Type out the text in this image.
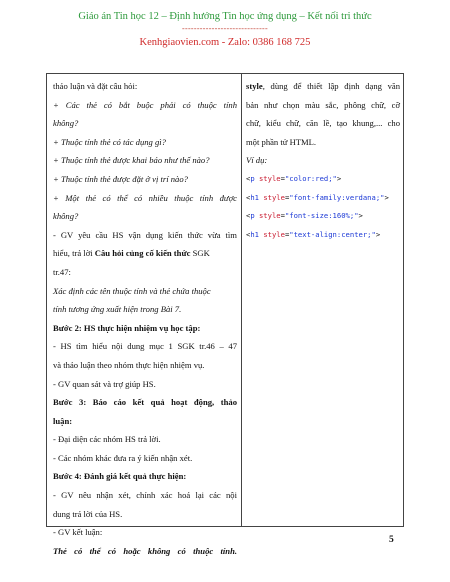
Giáo án Tin học 12 – Định hướng Tin học ứng dụng – Kết nối tri thức
-----------------------------
Kenhgiaovien.com - Zalo: 0386 168 725
thảo luận và đặt câu hỏi:
+ Các thẻ có bắt buộc phải có thuộc tính
không?
+ Thuộc tính thẻ có tác dụng gì?
+ Thuộc tính thẻ được khai báo như thế nào?
+ Thuộc tính thẻ được đặt ở vị trí nào?
+ Một thẻ có thể có nhiều thuộc tính được
không?
- GV yêu cầu HS vận dụng kiến thức vừa tìm
hiểu, trả lời Câu hỏi củng cố kiến thức SGK
tr.47:
Xác định các tên thuộc tính và thẻ chứa thuộc
tính tương ứng xuất hiện trong Bài 7.
Bước 2: HS thực hiện nhiệm vụ học tập:
- HS tìm hiểu nội dung mục 1 SGK tr.46 – 47
và thảo luận theo nhóm thực hiện nhiệm vụ.
- GV quan sát và trợ giúp HS.
Bước 3: Báo cáo kết quả hoạt động, thảo
luận:
- Đại diện các nhóm HS trả lời.
- Các nhóm khác đưa ra ý kiến nhận xét.
Bước 4: Đánh giá kết quả thực hiện:
- GV nêu nhận xét, chính xác hoá lại các nội
dung trả lời của HS.
- GV kết luận:
Thẻ có thể có hoặc không có thuộc tính.
style, dùng để thiết lập định dạng văn
bản như chọn màu sắc, phông chữ, cỡ
chữ, kiểu chữ, căn lề, tạo khung,... cho
một phần tử HTML.
Ví dụ:
<p style="color:red;">
<h1 style="font-family:verdana;">
<p style="font-size:160%;">
<h1 style="text-align:center;">
5
